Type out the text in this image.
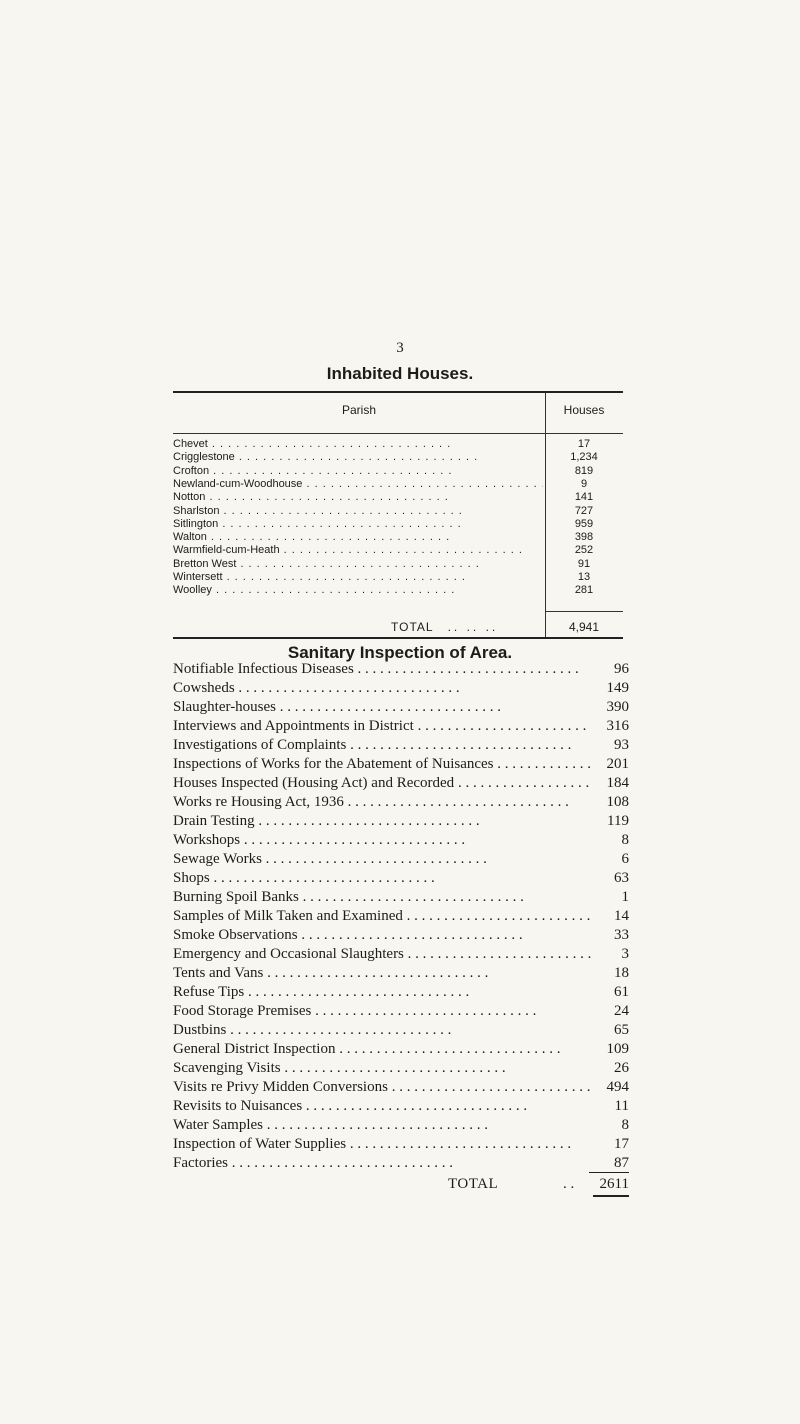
3
Inhabited Houses.
Parish	Houses
Chevet . .	17
Crigglestone . .	1,234
Crofton . .	819
Newland-cum-Woodhouse . .	9
Notton . .	141
Sharlston . .	727
Sitlington . .	959
Walton . .	398
Warmfield-cum-Heath . .	252
Bretton West . .	91
Wintersett . .	13
Woolley . .	281
TOTAL .. .. ..	4,941
Sanitary Inspection of Area.
Notifiable Infectious Diseases . .	96
Cowsheds . .	149
Slaughter-houses . .	390
Interviews and Appointments in District . .	316
Investigations of Complaints . .	93
Inspections of Works for the Abatement of Nuisances . .	201
Houses Inspected (Housing Act) and Recorded . .	184
Works re Housing Act, 1936 . .	108
Drain Testing . .	119
Workshops . .	8
Sewage Works . .	6
Shops . .	63
Burning Spoil Banks . .	1
Samples of Milk Taken and Examined . .	14
Smoke Observations . .	33
Emergency and Occasional Slaughters . .	3
Tents and Vans . .	18
Refuse Tips . .	61
Food Storage Premises . .	24
Dustbins . .	65
General District Inspection . .	109
Scavenging Visits . .	26
Visits re Privy Midden Conversions . .	494
Revisits to Nuisances . .	11
Water Samples . .	8
Inspection of Water Supplies . .	17
Factories . .	87
TOTAL	. . 2611
